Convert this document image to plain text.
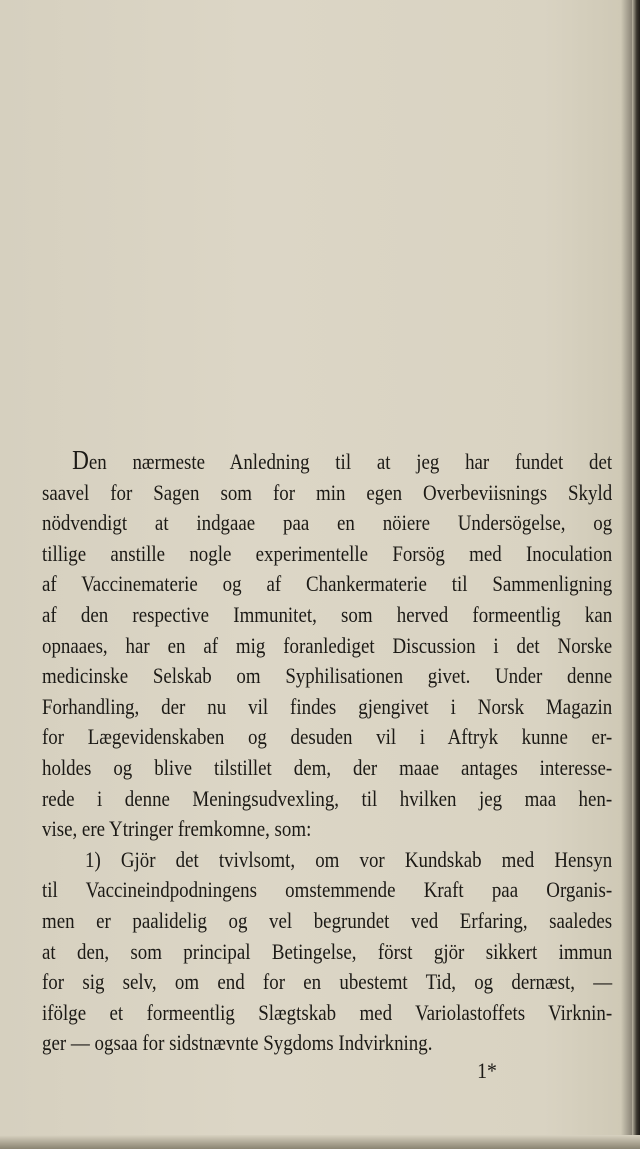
Den nærmeste Anledning til at jeg har fundet det
saavel for Sagen som for min egen Overbeviisnings Skyld
nödvendigt at indgaae paa en nöiere Undersögelse, og
tillige anstille nogle experimentelle Forsög med Inoculation
af Vaccinematerie og af Chankermaterie til Sammenligning
af den respective Immunitet, som herved formeentlig kan
opnaaes, har en af mig foranlediget Discussion i det Norske
medicinske Selskab om Syphilisationen givet. Under denne
Forhandling, der nu vil findes gjengivet i Norsk Magazin
for Lægevidenskaben og desuden vil i Aftryk kunne er-
holdes og blive tilstillet dem, der maae antages interesse-
rede i denne Meningsudvexling, til hvilken jeg maa hen-
vise, ere Ytringer fremkomne, som:
1) Gjör det tvivlsomt, om vor Kundskab med Hensyn
til Vaccineindpodningens omstemmende Kraft paa Organis-
men er paalidelig og vel begrundet ved Erfaring, saaledes
at den, som principal Betingelse, först gjör sikkert immun
for sig selv, om end for en ubestemt Tid, og dernæst, —
ifölge et formeentlig Slægtskab med Variolastoffets Virknin-
ger — ogsaa for sidstnævnte Sygdoms Indvirkning.
1*
